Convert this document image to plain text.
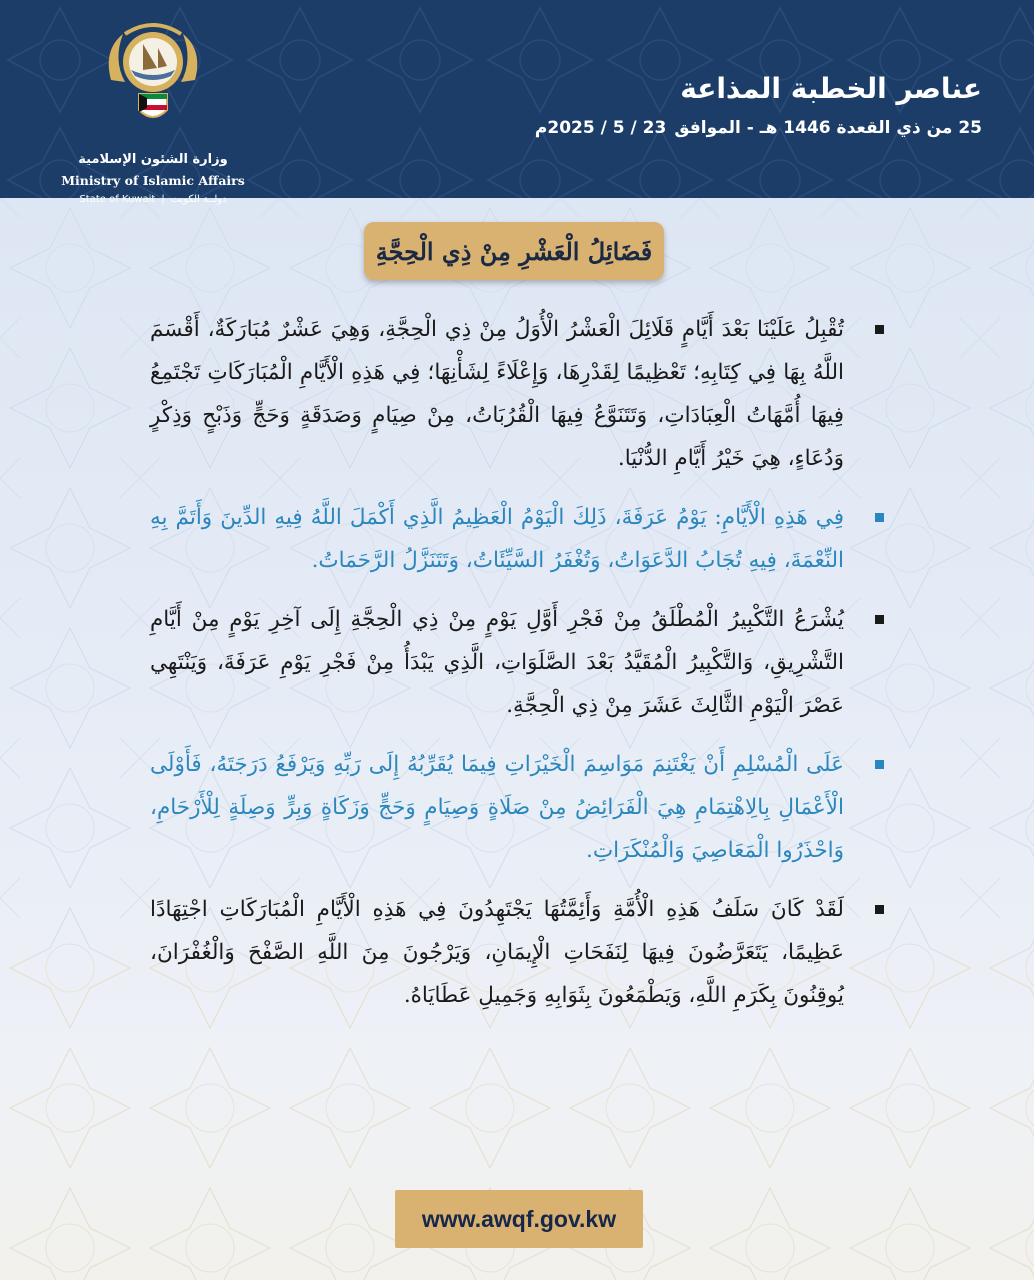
وزارة الشئون الإسلامية
Ministry of Islamic Affairs
State of Kuwait | دولــة الكويت
عناصر الخطبة المذاعة
25 من ذي القعدة 1446 هـ - الموافق23 / 5 / 2025م
فَضَائِلُ الْعَشْرِ مِنْ ذِي الْحِجَّةِ
تُقْبِلُ عَلَيْنَا بَعْدَ أَيَّامٍ قَلَائِلَ الْعَشْرُ الْأُوَلُ مِنْ ذِي الْحِجَّةِ، وَهِيَ عَشْرٌ مُبَارَكَةٌ، أَقْسَمَ اللَّهُ بِهَا فِي كِتَابِهِ؛ تَعْظِيمًا لِقَدْرِهَا، وَإِعْلَاءً لِشَأْنِهَا؛ فِي هَذِهِ الْأَيَّامِ الْمُبَارَكَاتِ تَجْتَمِعُ فِيهَا أُمَّهَاتُ الْعِبَادَاتِ، وَتَتَنَوَّعُ فِيهَا الْقُرُبَاتُ، مِنْ صِيَامٍ وَصَدَقَةٍ وَحَجٍّ وَذَبْحٍ وَذِكْرٍ وَدُعَاءٍ، هِيَ خَيْرُ أَيَّامِ الدُّنْيَا.
فِي هَذِهِ الْأَيَّامِ: يَوْمُ عَرَفَةَ، ذَلِكَ الْيَوْمُ الْعَظِيمُ الَّذِي أَكْمَلَ اللَّهُ فِيهِ الدِّينَ وَأَتَمَّ بِهِ النِّعْمَةَ، فِيهِ تُجَابُ الدَّعَوَاتُ، وَتُغْفَرُ السَّيِّئَاتُ، وَتَتَنَزَّلُ الرَّحَمَاتُ.
يُشْرَعُ التَّكْبِيرُ الْمُطْلَقُ مِنْ فَجْرِ أَوَّلِ يَوْمٍ مِنْ ذِي الْحِجَّةِ إِلَى آخِرِ يَوْمٍ مِنْ أَيَّامِ التَّشْرِيقِ، وَالتَّكْبِيرُ الْمُقَيَّدُ بَعْدَ الصَّلَوَاتِ، الَّذِي يَبْدَأُ مِنْ فَجْرِ يَوْمِ عَرَفَةَ، وَيَنْتَهِي عَصْرَ الْيَوْمِ الثَّالِثَ عَشَرَ مِنْ ذِي الْحِجَّةِ.
عَلَى الْمُسْلِمِ أَنْ يَغْتَنِمَ مَوَاسِمَ الْخَيْرَاتِ فِيمَا يُقَرِّبُهُ إِلَى رَبِّهِ وَيَرْفَعُ دَرَجَتَهُ، فَأَوْلَى الْأَعْمَالِ بِالِاهْتِمَامِ هِيَ الْفَرَائِضُ مِنْ صَلَاةٍ وَصِيَامٍ وَحَجٍّ وَزَكَاةٍ وَبِرٍّ وَصِلَةٍ لِلْأَرْحَامِ، وَاحْذَرُوا الْمَعَاصِيَ وَالْمُنْكَرَاتِ.
لَقَدْ كَانَ سَلَفُ هَذِهِ الْأُمَّةِ وَأَئِمَّتُهَا يَجْتَهِدُونَ فِي هَذِهِ الْأَيَّامِ الْمُبَارَكَاتِ اجْتِهَادًا عَظِيمًا، يَتَعَرَّضُونَ فِيهَا لِنَفَحَاتِ الْإِيمَانِ، وَيَرْجُونَ مِنَ اللَّهِ الصَّفْحَ وَالْغُفْرَانَ، يُوقِنُونَ بِكَرَمِ اللَّهِ، وَيَطْمَعُونَ بِثَوَابِهِ وَجَمِيلِ عَطَايَاهُ.
www.awqf.gov.kw
